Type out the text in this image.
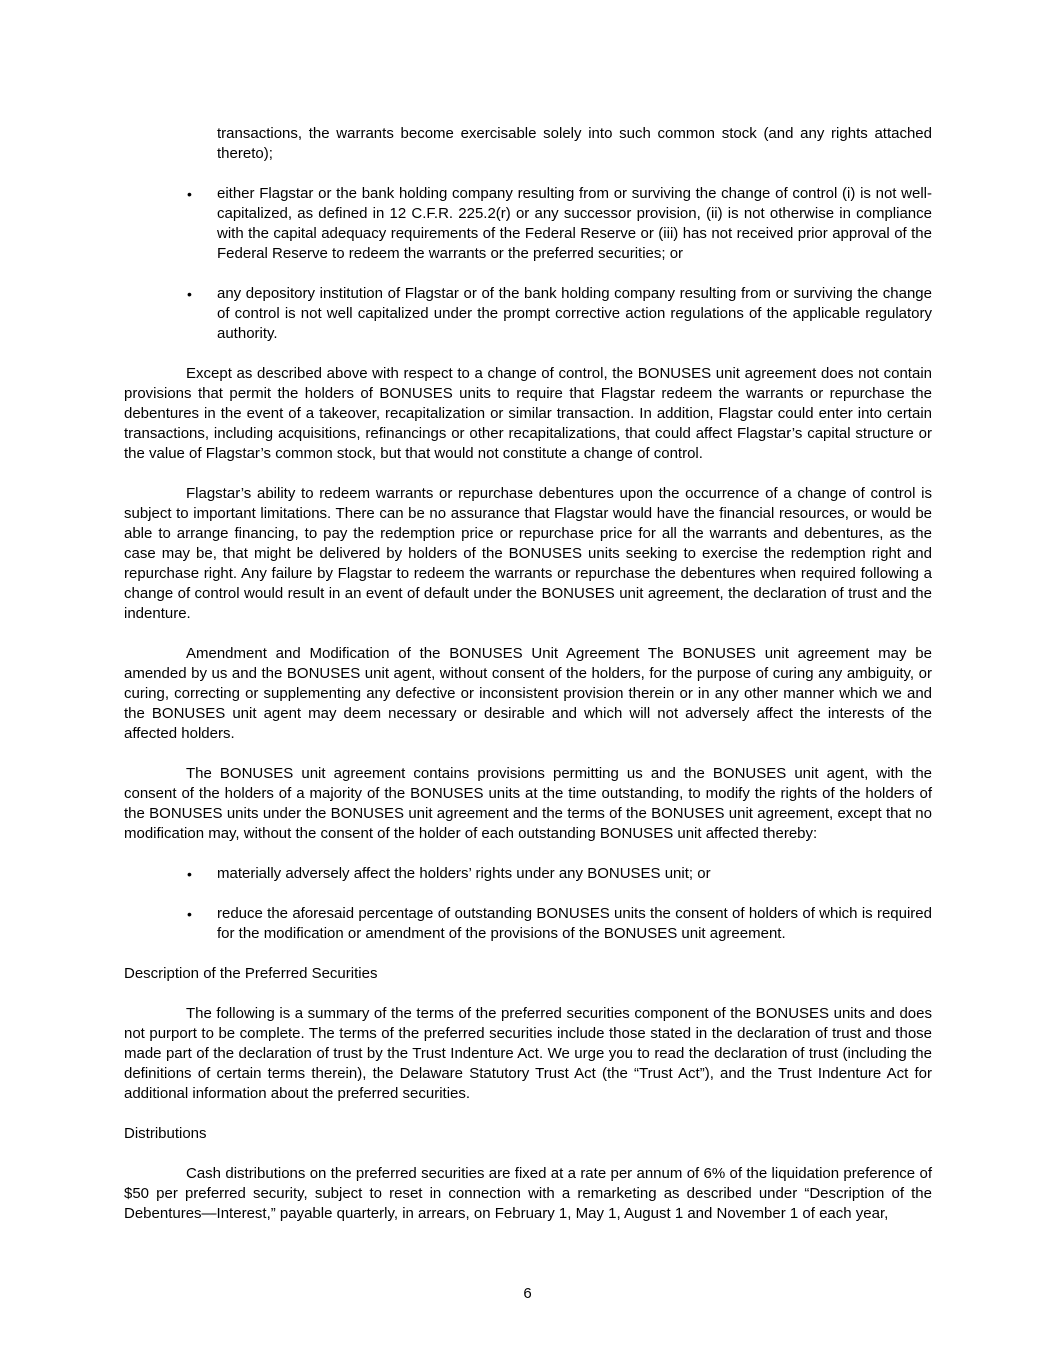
transactions, the warrants become exercisable solely into such common stock (and any rights attached thereto);

•	either Flagstar or the bank holding company resulting from or surviving the change of control (i) is not well-capitalized, as defined in 12 C.F.R. 225.2(r) or any successor provision, (ii) is not otherwise in compliance with the capital adequacy requirements of the Federal Reserve or (iii) has not received prior approval of the Federal Reserve to redeem the warrants or the preferred securities; or
•	any depository institution of Flagstar or of the bank holding company resulting from or surviving the change of control is not well capitalized under the prompt corrective action regulations of the applicable regulatory authority.

Except as described above with respect to a change of control, the BONUSES unit agreement does not contain provisions that permit the holders of BONUSES units to require that Flagstar redeem the warrants or repurchase the debentures in the event of a takeover, recapitalization or similar transaction. In addition, Flagstar could enter into certain transactions, including acquisitions, refinancings or other recapitalizations, that could affect Flagstar’s capital structure or the value of Flagstar’s common stock, but that would not constitute a change of control.

Flagstar’s ability to redeem warrants or repurchase debentures upon the occurrence of a change of control is subject to important limitations. There can be no assurance that Flagstar would have the financial resources, or would be able to arrange financing, to pay the redemption price or repurchase price for all the warrants and debentures, as the case may be, that might be delivered by holders of the BONUSES units seeking to exercise the redemption right and repurchase right. Any failure by Flagstar to redeem the warrants or repurchase the debentures when required following a change of control would result in an event of default under the BONUSES unit agreement, the declaration of trust and the indenture.

Amendment and Modification of the BONUSES Unit Agreement The BONUSES unit agreement may be amended by us and the BONUSES unit agent, without consent of the holders, for the purpose of curing any ambiguity, or curing, correcting or supplementing any defective or inconsistent provision therein or in any other manner which we and the BONUSES unit agent may deem necessary or desirable and which will not adversely affect the interests of the affected holders.

The BONUSES unit agreement contains provisions permitting us and the BONUSES unit agent, with the consent of the holders of a majority of the BONUSES units at the time outstanding, to modify the rights of the holders of the BONUSES units under the BONUSES unit agreement and the terms of the BONUSES unit agreement, except that no modification may, without the consent of the holder of each outstanding BONUSES unit affected thereby:

•	materially adversely affect the holders’ rights under any BONUSES unit; or
•	reduce the aforesaid percentage of outstanding BONUSES units the consent of holders of which is required for the modification or amendment of the provisions of the BONUSES unit agreement.

Description of the Preferred Securities

The following is a summary of the terms of the preferred securities component of the BONUSES units and does not purport to be complete. The terms of the preferred securities include those stated in the declaration of trust and those made part of the declaration of trust by the Trust Indenture Act. We urge you to read the declaration of trust (including the definitions of certain terms therein), the Delaware Statutory Trust Act (the “Trust Act”), and the Trust Indenture Act for additional information about the preferred securities.

Distributions

Cash distributions on the preferred securities are fixed at a rate per annum of 6% of the liquidation preference of $50 per preferred security, subject to reset in connection with a remarketing as described under “Description of the Debentures—Interest,” payable quarterly, in arrears, on February 1, May 1, August 1 and November 1 of each year,

6
